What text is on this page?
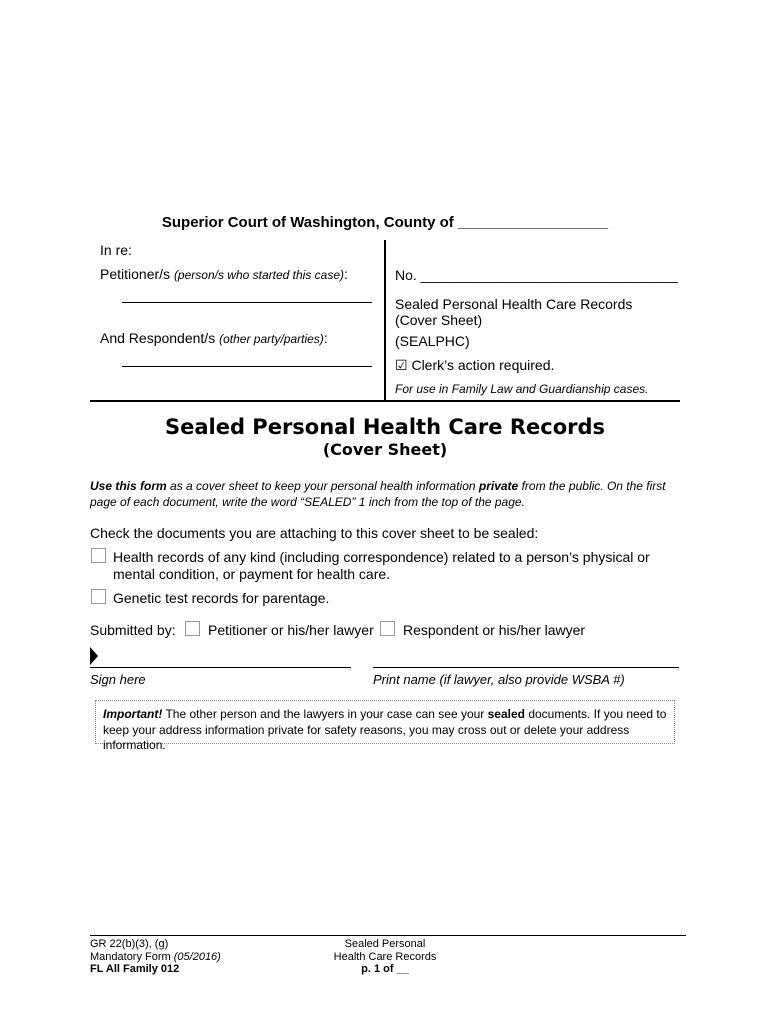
Superior Court of Washington, County of __________________
In re:
Petitioner/s (person/s who started this case):
And Respondent/s (other party/parties):
No. _________________________________
Sealed Personal Health Care Records
(Cover Sheet)
(SEALPHC)
☑ Clerk’s action required.
For use in Family Law and Guardianship cases.
Sealed Personal Health Care Records
(Cover Sheet)
Use this form as a cover sheet to keep your personal health information private from the public. On the first page of each document, write the word “SEALED” 1 inch from the top of the page.
Check the documents you are attaching to this cover sheet to be sealed:
Health records of any kind (including correspondence) related to a person’s physical or
mental condition, or payment for health care.
Genetic test records for parentage.
Submitted by: Petitioner or his/her lawyer Respondent or his/her lawyer
Sign here	Print name (if lawyer, also provide WSBA #)
Important! The other person and the lawyers in your case can see your sealed documents. If you need to keep your address information private for safety reasons, you may cross out or delete your address information.
GR 22(b)(3), (g)
Mandatory Form (05/2016)
FL All Family 012
Sealed Personal
Health Care Records
p. 1 of __
